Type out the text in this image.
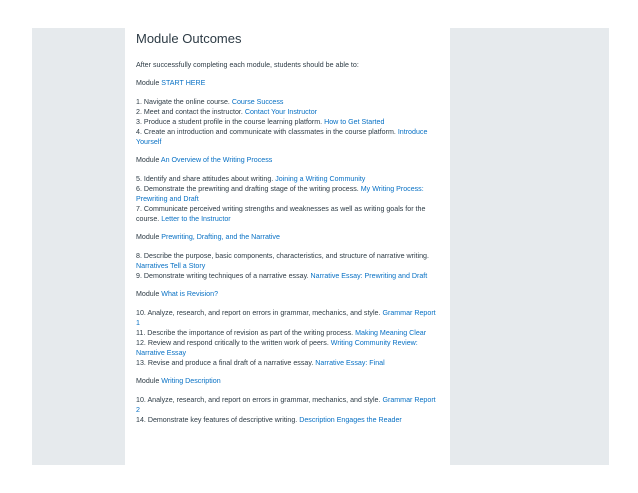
Module Outcomes

After successfully completing each module, students should be able to:

Module START HERE

1. Navigate the online course. Course Success

2. Meet and contact the instructor. Contact Your Instructor

3. Produce a student profile in the course learning platform. How to Get Started

4. Create an introduction and communicate with classmates in the course platform. Introduce Yourself

Module An Overview of the Writing Process

5. Identify and share attitudes about writing. Joining a Writing Community

6. Demonstrate the prewriting and drafting stage of the writing process. My Writing Process: Prewriting and Draft

7. Communicate perceived writing strengths and weaknesses as well as writing goals for the course. Letter to the Instructor

Module Prewriting, Drafting, and the Narrative

8. Describe the purpose, basic components, characteristics, and structure of narrative writing. Narratives Tell a Story

9. Demonstrate writing techniques of a narrative essay. Narrative Essay: Prewriting and Draft

Module What is Revision?

10. Analyze, research, and report on errors in grammar, mechanics, and style. Grammar Report 1

11. Describe the importance of revision as part of the writing process. Making Meaning Clear

12. Review and respond critically to the written work of peers. Writing Community Review: Narrative Essay

13. Revise and produce a final draft of a narrative essay. Narrative Essay: Final

Module Writing Description

10. Analyze, research, and report on errors in grammar, mechanics, and style. Grammar Report 2

14. Demonstrate key features of descriptive writing. Description Engages the Reader
